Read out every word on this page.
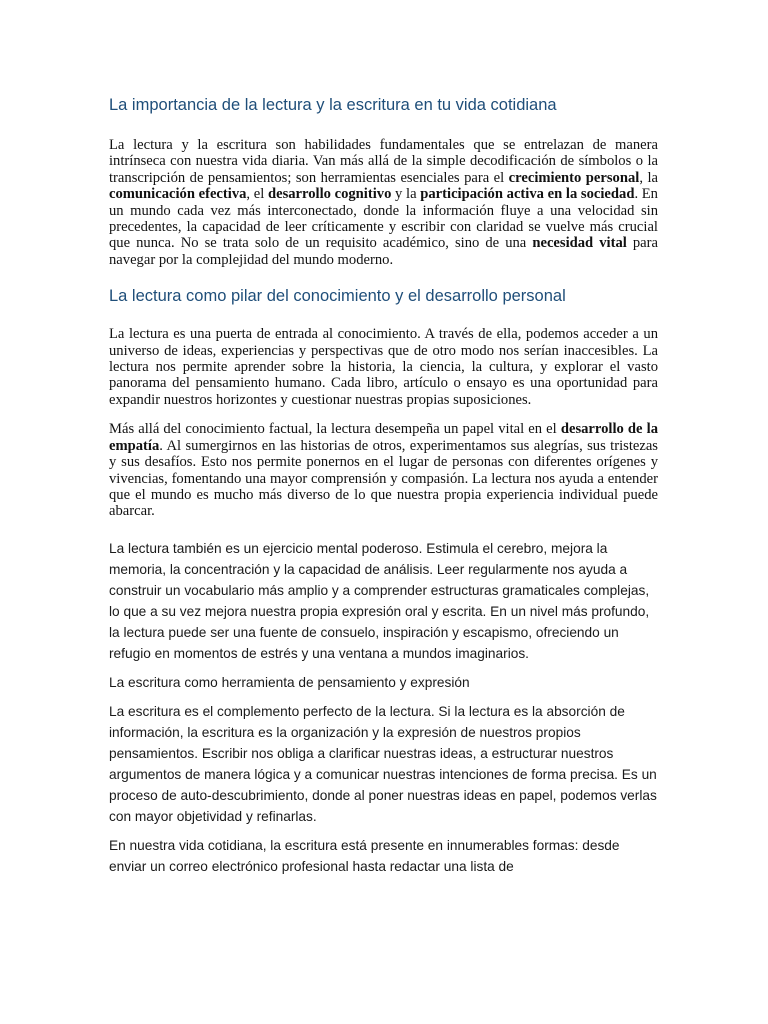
La importancia de la lectura y la escritura en tu vida cotidiana

La lectura y la escritura son habilidades fundamentales que se entrelazan de manera intrínseca con nuestra vida diaria. Van más allá de la simple decodificación de símbolos o la transcripción de pensamientos; son herramientas esenciales para el crecimiento personal, la comunicación efectiva, el desarrollo cognitivo y la participación activa en la sociedad. En un mundo cada vez más interconectado, donde la información fluye a una velocidad sin precedentes, la capacidad de leer críticamente y escribir con claridad se vuelve más crucial que nunca. No se trata solo de un requisito académico, sino de una necesidad vital para navegar por la complejidad del mundo moderno.

La lectura como pilar del conocimiento y el desarrollo personal

La lectura es una puerta de entrada al conocimiento. A través de ella, podemos acceder a un universo de ideas, experiencias y perspectivas que de otro modo nos serían inaccesibles. La lectura nos permite aprender sobre la historia, la ciencia, la cultura, y explorar el vasto panorama del pensamiento humano. Cada libro, artículo o ensayo es una oportunidad para expandir nuestros horizontes y cuestionar nuestras propias suposiciones.

Más allá del conocimiento factual, la lectura desempeña un papel vital en el desarrollo de la empatía. Al sumergirnos en las historias de otros, experimentamos sus alegrías, sus tristezas y sus desafíos. Esto nos permite ponernos en el lugar de personas con diferentes orígenes y vivencias, fomentando una mayor comprensión y compasión. La lectura nos ayuda a entender que el mundo es mucho más diverso de lo que nuestra propia experiencia individual puede abarcar.

La lectura también es un ejercicio mental poderoso. Estimula el cerebro, mejora la memoria, la concentración y la capacidad de análisis. Leer regularmente nos ayuda a construir un vocabulario más amplio y a comprender estructuras gramaticales complejas, lo que a su vez mejora nuestra propia expresión oral y escrita. En un nivel más profundo, la lectura puede ser una fuente de consuelo, inspiración y escapismo, ofreciendo un refugio en momentos de estrés y una ventana a mundos imaginarios.

La escritura como herramienta de pensamiento y expresión

La escritura es el complemento perfecto de la lectura. Si la lectura es la absorción de información, la escritura es la organización y la expresión de nuestros propios pensamientos. Escribir nos obliga a clarificar nuestras ideas, a estructurar nuestros argumentos de manera lógica y a comunicar nuestras intenciones de forma precisa. Es un proceso de auto-descubrimiento, donde al poner nuestras ideas en papel, podemos verlas con mayor objetividad y refinarlas.

En nuestra vida cotidiana, la escritura está presente en innumerables formas: desde enviar un correo electrónico profesional hasta redactar una lista de
